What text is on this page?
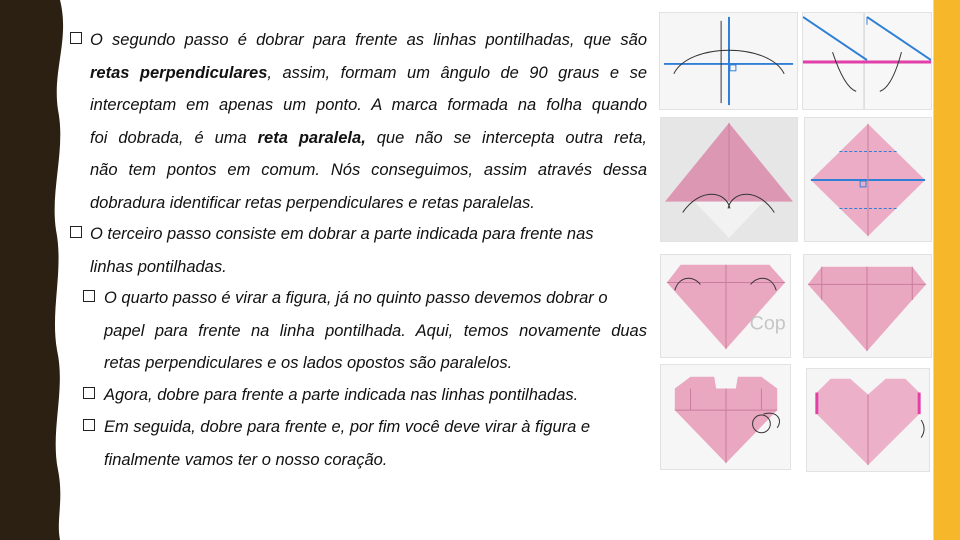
O segundo passo é dobrar para frente as linhas pontilhadas, que são
retas perpendiculares, assim, formam um ângulo de 90 graus e se
interceptam em apenas um ponto. A marca formada na folha quando
foi dobrada, é uma reta paralela, que não se intercepta outra reta,
não tem pontos em comum. Nós conseguimos, assim através dessa
dobradura identificar retas perpendiculares e retas paralelas.
O terceiro passo consiste em dobrar a parte indicada para frente nas
linhas pontilhadas.
O quarto passo é virar a figura, já no quinto passo devemos dobrar o
papel para frente na linha pontilhada. Aqui, temos novamente duas
retas perpendiculares e os lados opostos são paralelos.
Agora, dobre para frente a parte indicada nas linhas pontilhadas.
Em seguida, dobre para frente e, por fim você deve virar à figura e
finalmente vamos ter o nosso coração.
Cop
